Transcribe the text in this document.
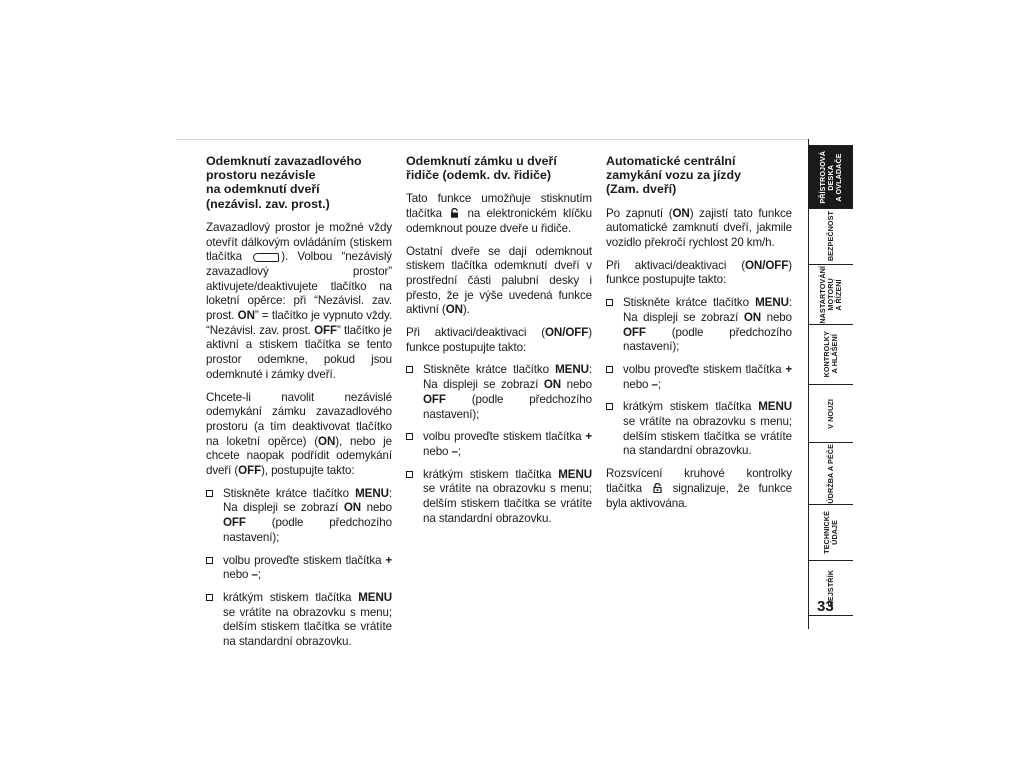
Odemknutí zavazadlového
prostoru nezávisle
na odemknutí dveří
(nezávisl. zav. prost.)

Zavazadlový prostor je možné vždy otevřít dálkovým ovládáním (stiskem tlačítka	). Volbou “nezávislý zavazadlový prostor” aktivujete/deaktivujete tlačítko na loketní opěrce: při “Nezávisl. zav. prost. ON” = tlačítko je vypnuto vždy. “Nezávisl. zav. prost. OFF” tlačítko je aktivní a stiskem tlačítka se tento prostor odemkne, pokud jsou odemknuté i zámky dveří.

Chcete-li navolit nezávislé odemykání zámku zavazadlového prostoru (a tím deaktivovat tlačítko na loketní opěrce) (ON), nebo je chcete naopak podřídit odemykání dveří (OFF), postupujte takto:

Stiskněte krátce tlačítko MENU: Na displeji se zobrazí ON nebo OFF (podle předchozího nastavení);
volbu proveďte stiskem tlačítka + nebo –;
krátkým stiskem tlačítka MENU se vrátíte na obrazovku s menu; delším stiskem tlačítka se vrátíte na standardní obrazovku.
Odemknutí zámku u dveří
řidiče (odemk. dv. řidiče)

Tato funkce umožňuje stisknutím tlačítka  na elektronickém klíčku odemknout pouze dveře u řidiče.

Ostatní dveře se dají odemknout stiskem tlačítka odemknutí dveří v prostřední části palubní desky i přesto, že je výše uvedená funkce aktivní (ON).

Při aktivaci/deaktivaci (ON/OFF) funkce postupujte takto:

Stiskněte krátce tlačítko MENU: Na displeji se zobrazí ON nebo OFF (podle předchozího nastavení);
volbu proveďte stiskem tlačítka + nebo –;
krátkým stiskem tlačítka MENU se vrátíte na obrazovku s menu; delším stiskem tlačítka se vrátíte na standardní obrazovku.
Automatické centrální
zamykání vozu za jízdy
(Zam. dveří)

Po zapnutí (ON) zajistí tato funkce automatické zamknutí dveří, jakmile vozidlo překročí rychlost 20 km/h.

Při aktivaci/deaktivaci (ON/OFF) funkce postupujte takto:

Stiskněte krátce tlačítko MENU: Na displeji se zobrazí ON nebo OFF (podle předchozího nastavení);
volbu proveďte stiskem tlačítka + nebo –;
krátkým stiskem tlačítka MENU se vrátíte na obrazovku s menu; delším stiskem tlačítka se vrátíte na standardní obrazovku.

Rozsvícení kruhové kontrolky tlačítka  signalizuje, že funkce byla aktivována.

PŘÍSTROJOVÁ
DESKA
A OVLADAČE
BEZPEČNOST
NASTARTOVÁNÍ
MOTORU
A ŘÍZENÍ
KONTROLKY
A HLÁŠENÍ
V NOUZI
ÚDRŽBA A PÉČE
TECHNICKÉ
ÚDAJE
REJSTŘÍK
33
